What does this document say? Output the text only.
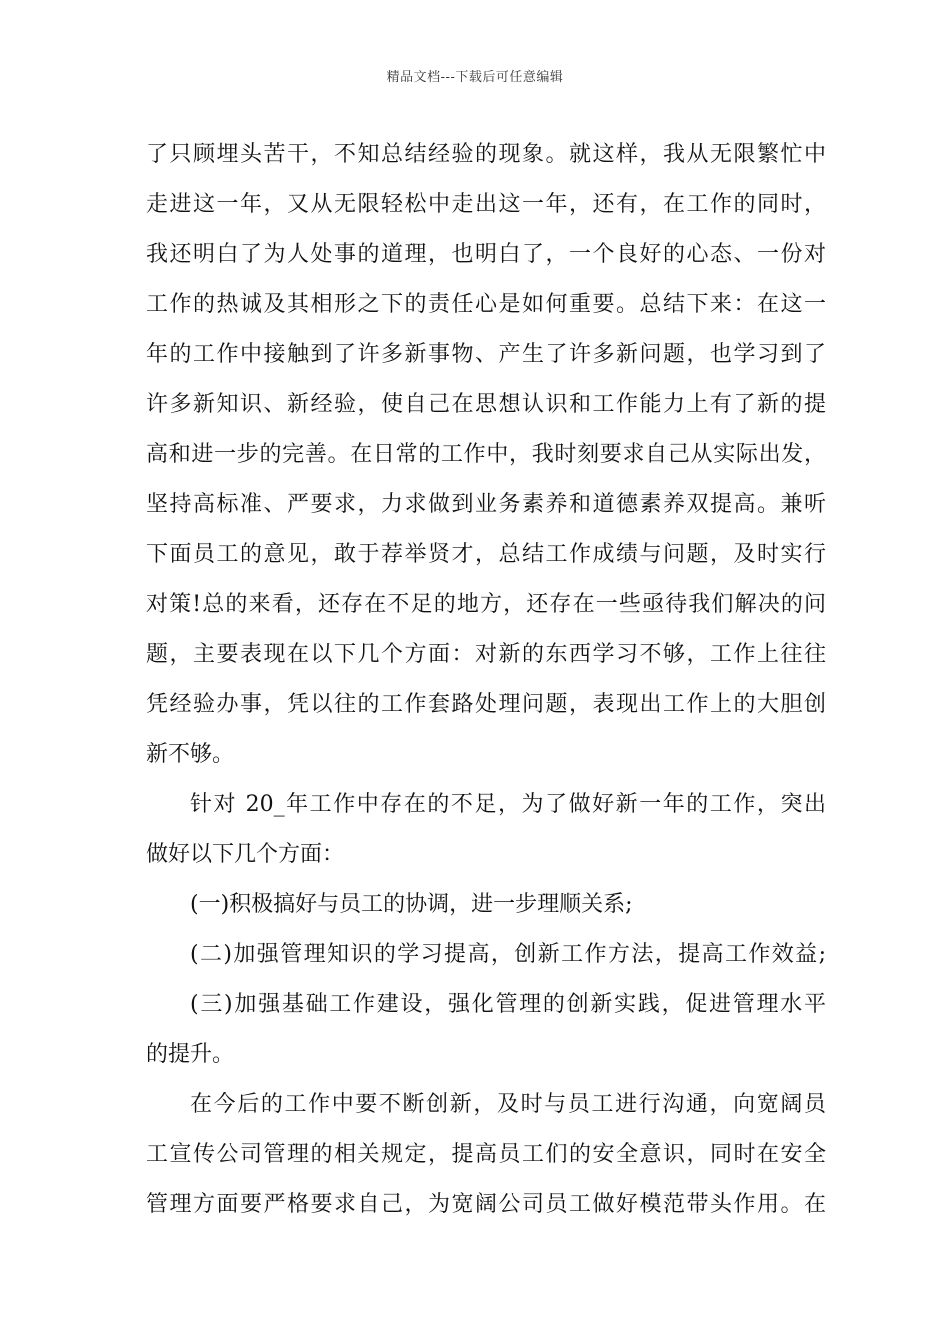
精品文档---下载后可任意编辑
了只顾埋头苦干，不知总结经验的现象。就这样，我从无限繁忙中
走进这一年，又从无限轻松中走出这一年，还有，在工作的同时，
我还明白了为人处事的道理，也明白了，一个良好的心态、一份对
工作的热诚及其相形之下的责任心是如何重要。总结下来：在这一
年的工作中接触到了许多新事物、产生了许多新问题，也学习到了
许多新知识、新经验，使自己在思想认识和工作能力上有了新的提
高和进一步的完善。在日常的工作中，我时刻要求自己从实际出发，
坚持高标准、严要求，力求做到业务素养和道德素养双提高。兼听
下面员工的意见，敢于荐举贤才，总结工作成绩与问题，及时实行
对策!总的来看，还存在不足的地方，还存在一些亟待我们解决的问
题，主要表现在以下几个方面：对新的东西学习不够，工作上往往
凭经验办事，凭以往的工作套路处理问题，表现出工作上的大胆创
新不够。
针对 20_年工作中存在的不足，为了做好新一年的工作，突出
做好以下几个方面：
(一)积极搞好与员工的协调，进一步理顺关系;
(二)加强管理知识的学习提高，创新工作方法，提高工作效益;
(三)加强基础工作建设，强化管理的创新实践，促进管理水平
的提升。
在今后的工作中要不断创新，及时与员工进行沟通，向宽阔员
工宣传公司管理的相关规定，提高员工们的安全意识，同时在安全
管理方面要严格要求自己，为宽阔公司员工做好模范带头作用。在
